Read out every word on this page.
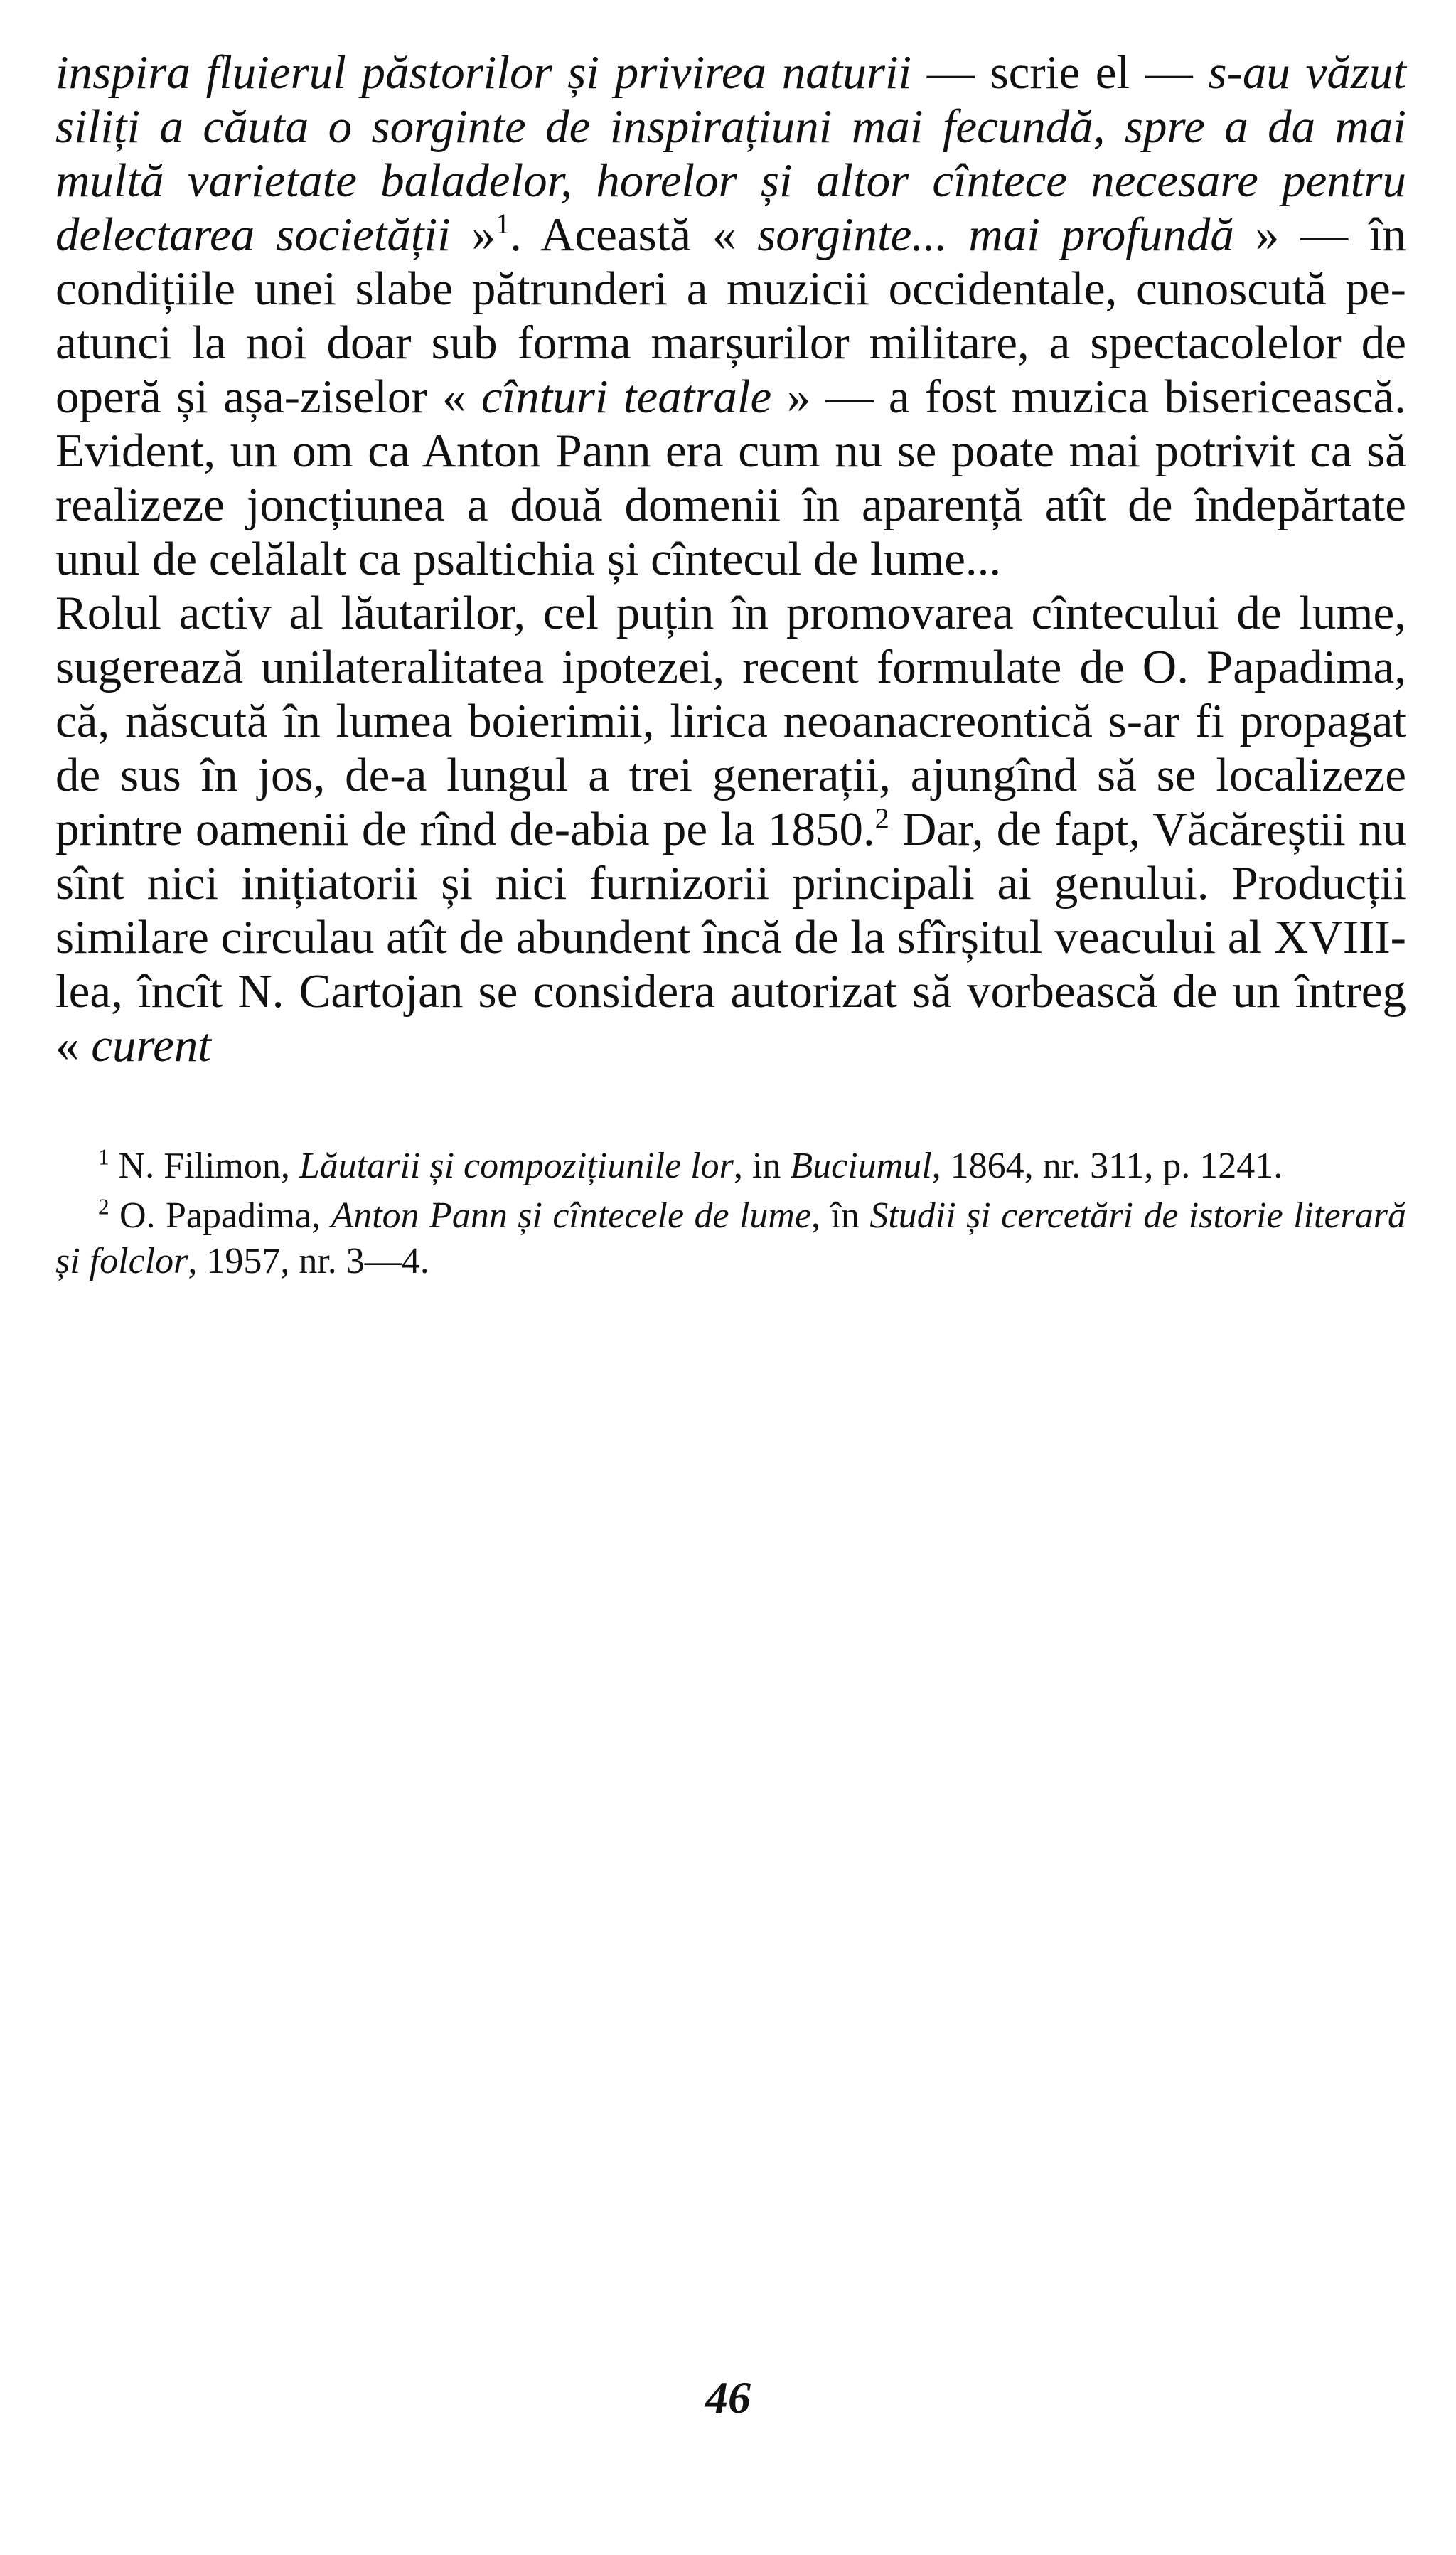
inspira fluierul păstorilor și privirea naturii — scrie el — s-au văzut siliți a căuta o sorginte de inspirațiuni mai fecundă, spre a da mai multă varietate baladelor, horelor și altor cîntece necesare pentru delectarea societății »$^1$. Această « sorginte... mai profundă » — în condițiile unei slabe pătrunderi a muzicii occidentale, cunoscută pe-atunci la noi doar sub forma marșurilor militare, a spectacolelor de operă și așa-ziselor « cînturi teatrale » — a fost muzica bisericească. Evident, un om ca Anton Pann era cum nu se poate mai potrivit ca să realizeze joncțiunea a două domenii în aparență atît de îndepărtate unul de celălalt ca psaltichia și cîntecul de lume...

Rolul activ al lăutarilor, cel puțin în promovarea cîntecului de lume, sugerează unilateralitatea ipotezei, recent formulate de O. Papadima, că, născută în lumea boierimii, lirica neoanacreontică s-ar fi propagat de sus în jos, de-a lungul a trei generații, ajungînd să se localizeze printre oamenii de rînd de-abia pe la 1850.$^2$ Dar, de fapt, Văcăreștii nu sînt nici inițiatorii și nici furnizorii principali ai genului. Producții similare circulau atît de abundent încă de la sfîrșitul veacului al XVIII-lea, încît N. Cartojan se considera autorizat să vorbească de un întreg « curent

$^1$ N. Filimon, Lăutarii și compozițiunile lor, in Buciumul, 1864, nr. 311, p. 1241.

$^2$ O. Papadima, Anton Pann și cîntecele de lume, în Studii și cercetări de istorie literară și folclor, 1957, nr. 3—4.

46
